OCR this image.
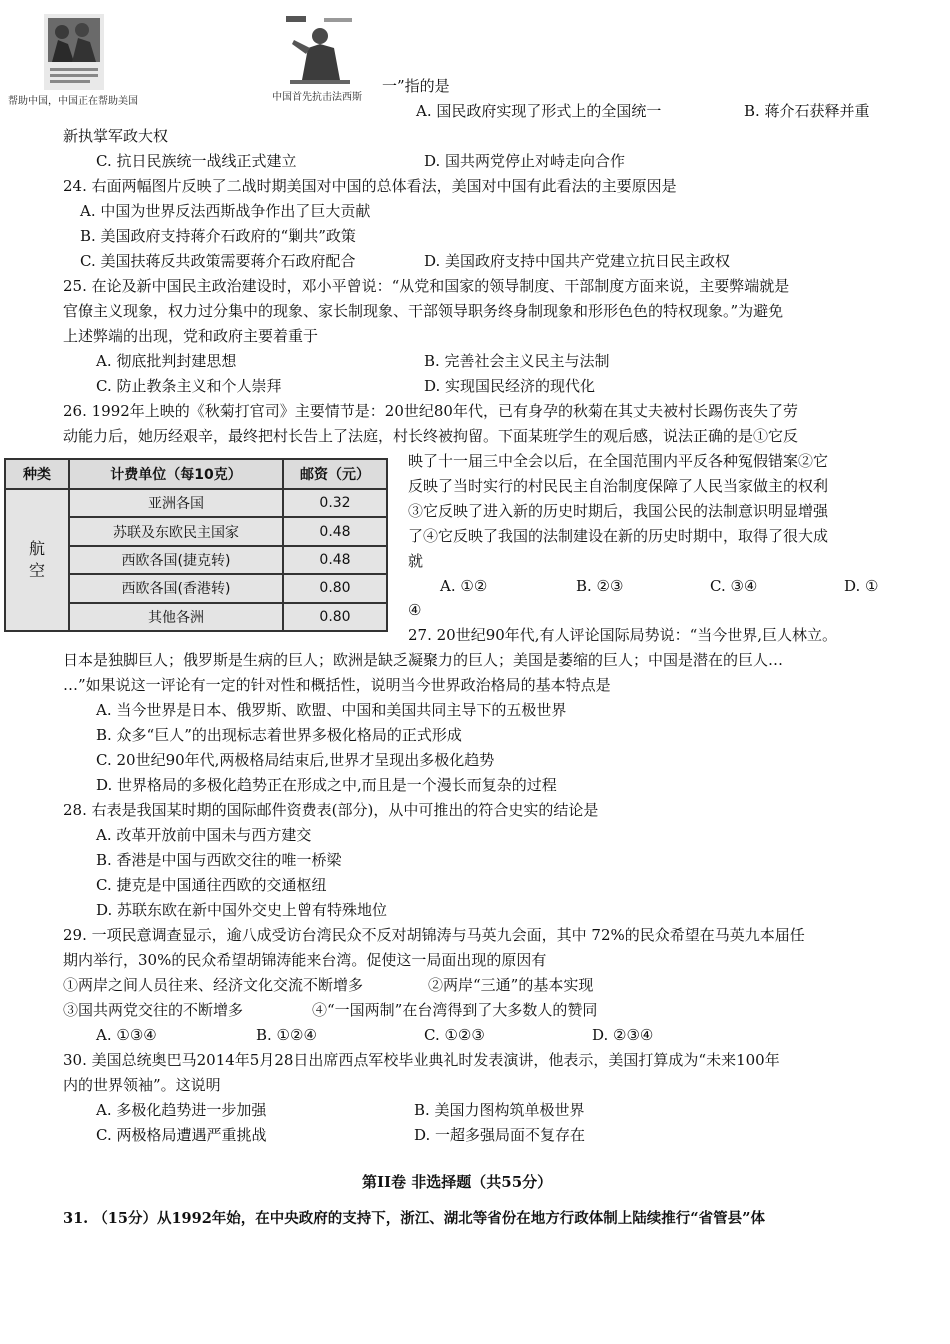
帮助中国，中国正在帮助美国	中国首先抗击法西斯
一”指的是
A. 国民政府实现了形式上的全国统一	B. 蒋介石获释并重
新执掌军政大权
C. 抗日民族统一战线正式建立	D. 国共两党停止对峙走向合作
24. 右面两幅图片反映了二战时期美国对中国的总体看法，美国对中国有此看法的主要原因是
A. 中国为世界反法西斯战争作出了巨大贡献
B. 美国政府支持蒋介石政府的“剿共”政策
C. 美国扶蒋反共政策需要蒋介石政府配合	D. 美国政府支持中国共产党建立抗日民主政权
25. 在论及新中国民主政治建设时，邓小平曾说：“从党和国家的领导制度、干部制度方面来说，主要弊端就是
官僚主义现象，权力过分集中的现象、家长制现象、干部领导职务终身制现象和形形色色的特权现象。”为避免
上述弊端的出现，党和政府主要着重于
A. 彻底批判封建思想	B. 完善社会主义民主与法制
C. 防止教条主义和个人崇拜	D. 实现国民经济的现代化
26. 1992年上映的《秋菊打官司》主要情节是：20世纪80年代，已有身孕的秋菊在其丈夫被村长踢伤丧失了劳
动能力后，她历经艰辛，最终把村长告上了法庭，村长终被拘留。下面某班学生的观后感，说法正确的是①它反
映了十一届三中全会以后，在全国范围内平反各种冤假错案②它
反映了当时实行的村民民主自治制度保障了人民当家做主的权利
③它反映了进入新的历史时期后，我国公民的法制意识明显增强
了④它反映了我国的法制建设在新的历史时期中，取得了很大成
就
A. ①②	B. ②③	C. ③④	D. ①
④
种类	计费单位（每10克）	邮资（元）
航空	亚洲各国	0.32
	苏联及东欧民主国家	0.48
	西欧各国(捷克转)	0.48
	西欧各国(香港转)	0.80
	其他各洲	0.80
27. 20世纪90年代,有人评论国际局势说：“当今世界,巨人林立。
日本是独脚巨人；俄罗斯是生病的巨人；欧洲是缺乏凝聚力的巨人；美国是萎缩的巨人；中国是潜在的巨人…
…”如果说这一评论有一定的针对性和概括性，说明当今世界政治格局的基本特点是
A. 当今世界是日本、俄罗斯、欧盟、中国和美国共同主导下的五极世界
B. 众多“巨人”的出现标志着世界多极化格局的正式形成
C. 20世纪90年代,两极格局结束后,世界才呈现出多极化趋势
D. 世界格局的多极化趋势正在形成之中,而且是一个漫长而复杂的过程
28. 右表是我国某时期的国际邮件资费表(部分)，从中可推出的符合史实的结论是
A. 改革开放前中国未与西方建交
B. 香港是中国与西欧交往的唯一桥梁
C. 捷克是中国通往西欧的交通枢纽
D. 苏联东欧在新中国外交史上曾有特殊地位
29. 一项民意调查显示，逾八成受访台湾民众不反对胡锦涛与马英九会面，其中 72%的民众希望在马英九本届任
期内举行，30%的民众希望胡锦涛能来台湾。促使这一局面出现的原因有
①两岸之间人员往来、经济文化交流不断增多	②两岸“三通”的基本实现
③国共两党交往的不断增多	④“一国两制”在台湾得到了大多数人的赞同
A. ①③④	B. ①②④	C. ①②③	D. ②③④
30. 美国总统奥巴马2014年5月28日出席西点军校毕业典礼时发表演讲，他表示，美国打算成为“未来100年
内的世界领袖”。这说明
A. 多极化趋势进一步加强	B. 美国力图构筑单极世界
C. 两极格局遭遇严重挑战	D. 一超多强局面不复存在
第II卷 非选择题（共55分）
31. （15分）从1992年始，在中央政府的支持下，浙江、湖北等省份在地方行政体制上陆续推行“省管县”体
